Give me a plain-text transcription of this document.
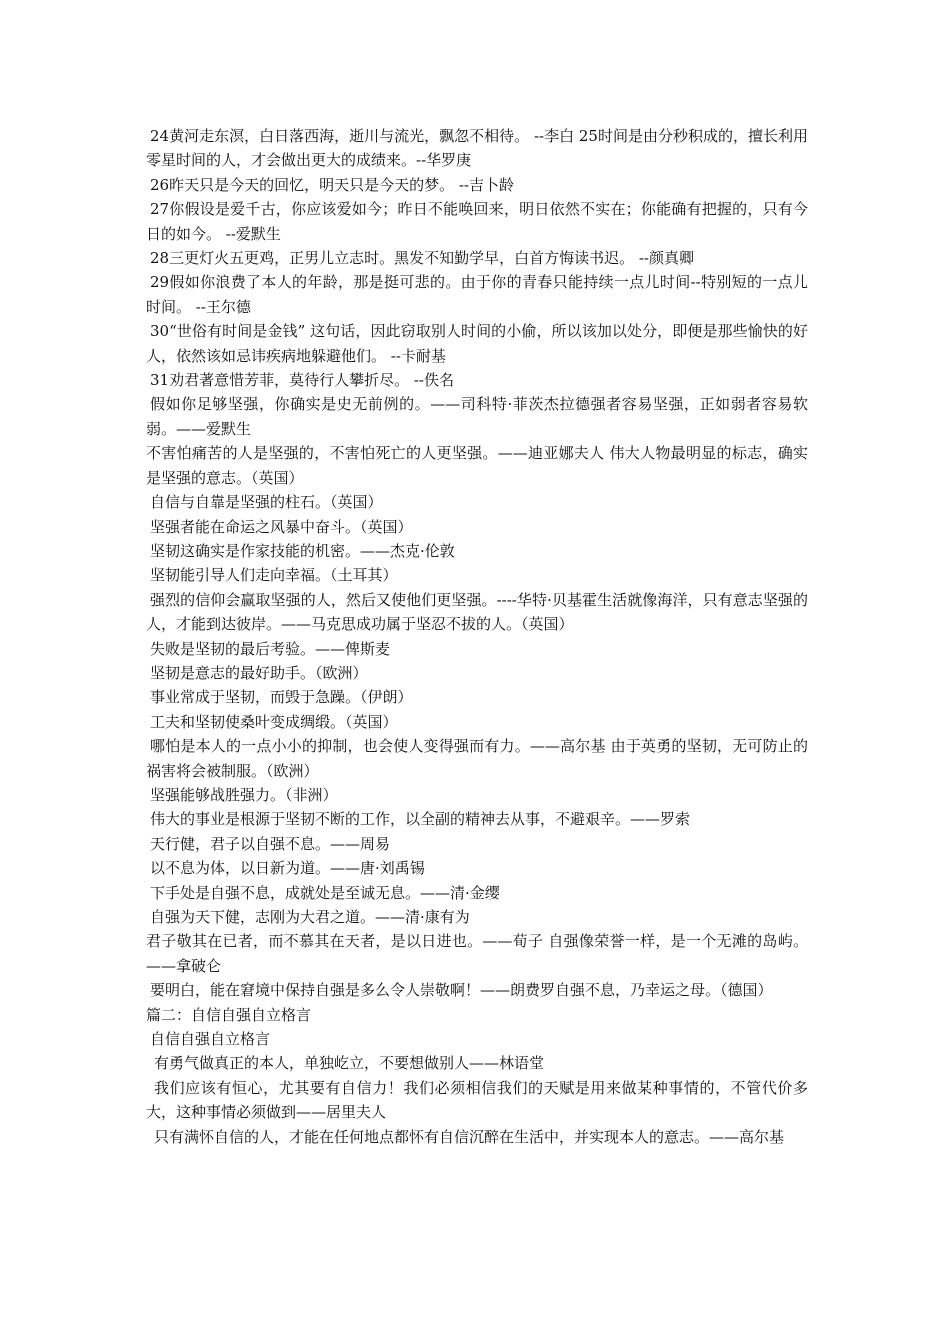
24黄河走东溟，白日落西海，逝川与流光，飘忽不相待。 --李白 25时间是由分秒积成的，擅长利用零星时间的人，才会做出更大的成绩来。--华罗庚

26昨天只是今天的回忆，明天只是今天的梦。 --吉卜龄

27你假设是爱千古，你应该爱如今；昨日不能唤回来，明日依然不实在；你能确有把握的，只有今日的如今。 --爱默生

28三更灯火五更鸡，正男儿立志时。黑发不知勤学早，白首方悔读书迟。 --颜真卿

29假如你浪费了本人的年龄，那是挺可悲的。由于你的青春只能持续一点儿时间--特别短的一点儿时间。 --王尔德

30“世俗有时间是金钱” 这句话，因此窃取别人时间的小偷，所以该加以处分，即便是那些愉快的好人，依然该如忌讳疾病地躲避他们。 --卡耐基

31劝君著意惜芳菲，莫待行人攀折尽。 --佚名

假如你足够坚强，你确实是史无前例的。——司科特·菲茨杰拉德强者容易坚强，正如弱者容易软弱。——爱默生

不害怕痛苦的人是坚强的，不害怕死亡的人更坚强。——迪亚娜夫人 伟大人物最明显的标志，确实是坚强的意志。（英国）

自信与自靠是坚强的柱石。（英国）

坚强者能在命运之风暴中奋斗。（英国）

坚韧这确实是作家技能的机密。——杰克·伦敦

坚韧能引导人们走向幸福。（土耳其）

强烈的信仰会赢取坚强的人，然后又使他们更坚强。----华特·贝基霍生活就像海洋，只有意志坚强的人，才能到达彼岸。——马克思成功属于坚忍不拔的人。（英国）

失败是坚韧的最后考验。——俾斯麦

坚韧是意志的最好助手。（欧洲）

事业常成于坚韧，而毁于急躁。（伊朗）

工夫和坚韧使桑叶变成绸缎。（英国）

哪怕是本人的一点小小的抑制，也会使人变得强而有力。——高尔基 由于英勇的坚韧，无可防止的祸害将会被制服。（欧洲）

坚强能够战胜强力。（非洲）

伟大的事业是根源于坚韧不断的工作，以全副的精神去从事，不避艰辛。——罗索

天行健，君子以自强不息。——周易

以不息为体，以日新为道。——唐·刘禹锡

下手处是自强不息，成就处是至诚无息。——清·金缨

自强为天下健，志刚为大君之道。——清·康有为

君子敬其在已者，而不慕其在天者，是以日进也。——荀子 自强像荣誉一样，是一个无滩的岛屿。——拿破仑

要明白，能在窘境中保持自强是多么令人崇敬啊！——朗费罗自强不息，乃幸运之母。（德国）

篇二：自信自强自立格言

自信自强自立格言

有勇气做真正的本人，单独屹立，不要想做别人——林语堂

我们应该有恒心，尤其要有自信力！我们必须相信我们的天赋是用来做某种事情的，不管代价多大，这种事情必须做到——居里夫人

只有满怀自信的人，才能在任何地点都怀有自信沉醉在生活中，并实现本人的意志。——高尔基
